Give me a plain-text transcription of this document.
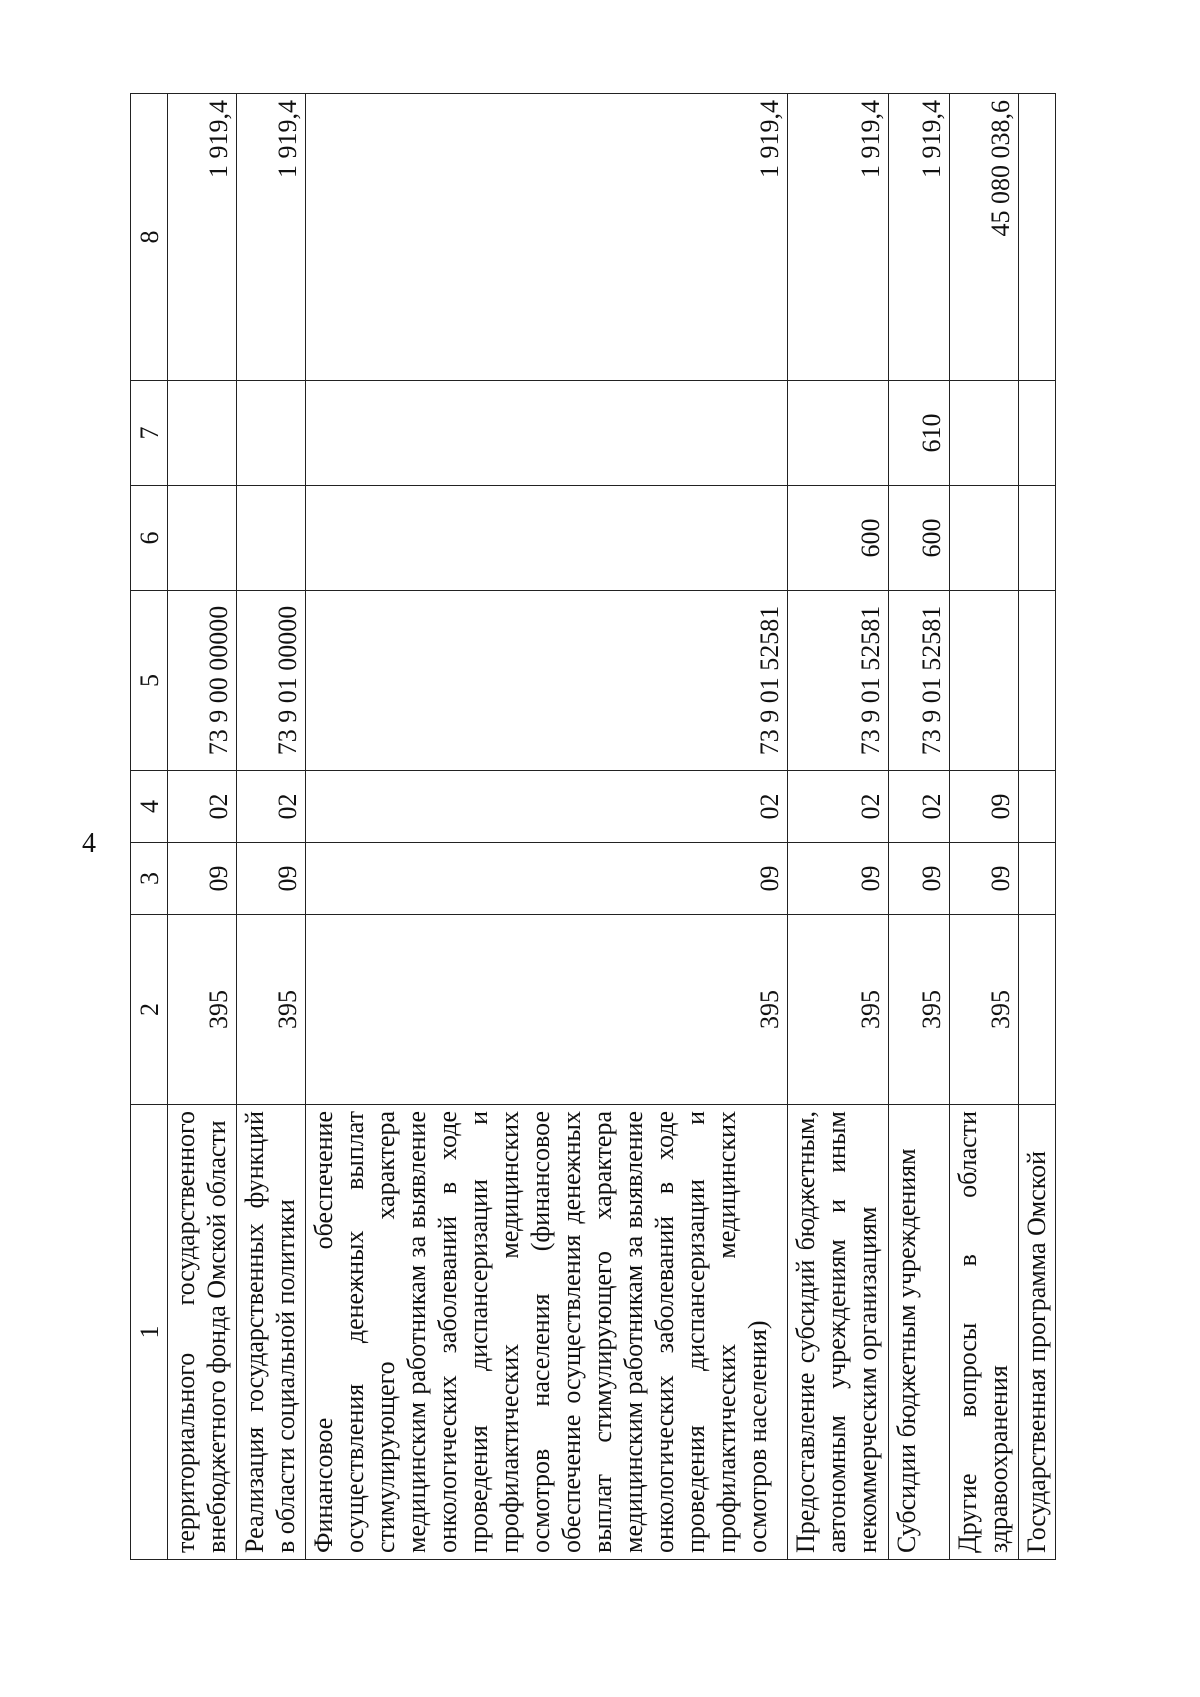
4
1	2	3	4	5	6	7	8
территориального государственного внебюджетного фонда Омской области	395	09	02	73 9 00 00000			1 919,4
Реализация государственных функций в области социальной политики	395	09	02	73 9 01 00000			1 919,4
Финансовое обеспечение осуществления денежных выплат стимулирующего характера медицинским работникам за выявление онкологических заболеваний в ходе проведения диспансеризации и профилактических медицинских осмотров населения (финансовое обеспечение осуществления денежных выплат стимулирующего характера медицинским работникам за выявление онкологических заболеваний в ходе проведения диспансеризации и профилактических медицинских осмотров населения)	395	09	02	73 9 01 52581			1 919,4
Предоставление субсидий бюджетным, автономным учреждениям и иным некоммерческим организациям	395	09	02	73 9 01 52581	600		1 919,4
Субсидии бюджетным учреждениям	395	09	02	73 9 01 52581	600	610	1 919,4
Другие вопросы в области здравоохранения	395	09	09				45 080 038,6
Государственная программа Омской							
